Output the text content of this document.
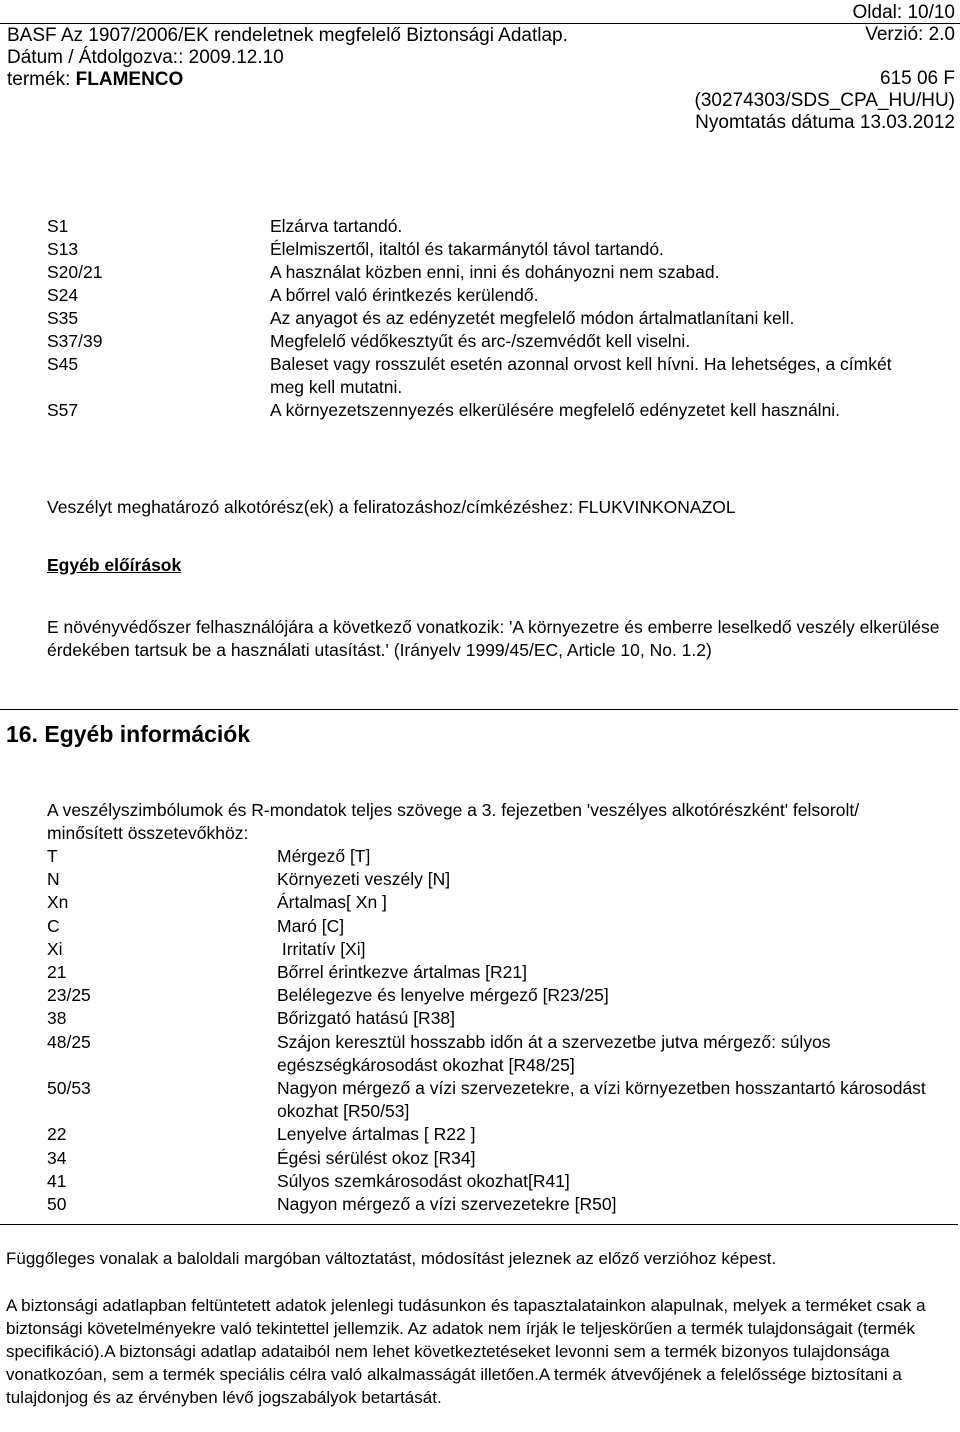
BASF Az 1907/2006/EK rendeletnek megfelelő Biztonsági Adatlap.
Dátum / Átdolgozva:: 2009.12.10
termék: FLAMENCO
Oldal: 10/10
Verzió: 2.0
615 06 F
(30274303/SDS_CPA_HU/HU)
Nyomtatás dátuma 13.03.2012
S1	Elzárva tartandó.
S13	Élelmiszertől, italtól és takarmánytól távol tartandó.
S20/21	A használat közben enni, inni és dohányozni nem szabad.
S24	A bőrrel való érintkezés kerülendő.
S35	Az anyagot és az edényzetét megfelelő módon ártalmatlanítani kell.
S37/39	Megfelelő védőkesztyűt és arc-/szemvédőt kell viselni.
S45	Baleset vagy rosszulét esetén azonnal orvost kell hívni. Ha lehetséges, a címkét meg kell mutatni.
S57	A környezetszennyezés elkerülésére megfelelő edényzetet kell használni.
Veszélyt meghatározó alkotórész(ek) a feliratozáshoz/címkézéshez: FLUKVINKONAZOL
Egyéb előírások
E növényvédőszer felhasználójára a következő vonatkozik: 'A környezetre és emberre leselkedő veszély elkerülése érdekében tartsuk be a használati utasítást.' (Irányelv 1999/45/EC, Article 10, No. 1.2)
16. Egyéb információk
A veszélyszimbólumok és R-mondatok teljes szövege a 3. fejezetben 'veszélyes alkotórészként' felsorolt/ minősített összetevőkhöz:
T	Mérgező [T]
N	Környezeti veszély [N]
Xn	Ártalmas[ Xn ]
C	Maró [C]
Xi	Irritatív [Xi]
21	Bőrrel érintkezve ártalmas [R21]
23/25	Belélegezve és lenyelve mérgező [R23/25]
38	Bőrizgató hatású [R38]
48/25	Szájon keresztül hosszabb időn át a szervezetbe jutva mérgező: súlyos egészségkárosodást okozhat [R48/25]
50/53	Nagyon mérgező a vízi szervezetekre, a vízi környezetben hosszantartó károsodást okozhat [R50/53]
22	Lenyelve ártalmas [ R22 ]
34	Égési sérülést okoz [R34]
41	Súlyos szemkárosodást okozhat[R41]
50	Nagyon mérgező a vízi szervezetekre [R50]
Függőleges vonalak a baloldali margóban változtatást, módosítást jeleznek az előző verzióhoz képest.
A biztonsági adatlapban feltüntetett adatok jelenlegi tudásunkon és tapasztalatainkon alapulnak, melyek a terméket csak a biztonsági követelményekre való tekintettel jellemzik. Az adatok nem írják le teljeskörűen a termék tulajdonságait (termék specifikáció).A biztonsági adatlap adataiból nem lehet következtetéseket levonni sem a termék bizonyos tulajdonsága vonatkozóan, sem a termék speciális célra való alkalmasságát illetően.A termék átvevőjének a felelőssége biztosítani a tulajdonjog és az érvényben lévő jogszabályok betartását.
